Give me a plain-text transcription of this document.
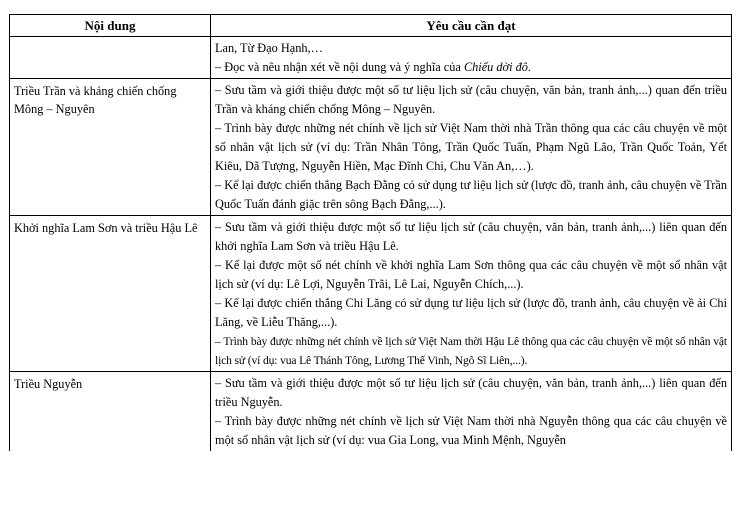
Nội dung	Yêu cầu cần đạt

	Lan, Từ Đạo Hạnh,…

– Đọc và nêu nhận xét về nội dung và ý nghĩa của Chiếu dời đô.

Triều Trần và kháng chiến chống Mông – Nguyên	– Sưu tầm và giới thiệu được một số tư liệu lịch sử (câu chuyện, văn bản, tranh ảnh,...) quan đến triều Trần và kháng chiến chống Mông – Nguyên.

– Trình bày được những nét chính về lịch sử Việt Nam thời nhà Trần thông qua các câu chuyện về một số nhân vật lịch sử (ví dụ: Trần Nhân Tông, Trần Quốc Tuấn, Phạm Ngũ Lão, Trần Quốc Toản, Yết Kiêu, Dã Tượng, Nguyễn Hiền, Mạc Đĩnh Chi, Chu Văn An,…).

– Kể lại được chiến thắng Bạch Đằng có sử dụng tư liệu lịch sử (lược đồ, tranh ảnh, câu chuyện về Trần Quốc Tuấn đánh giặc trên sông Bạch Đằng,...).

Khởi nghĩa Lam Sơn và triều Hậu Lê	– Sưu tầm và giới thiệu được một số tư liệu lịch sử (câu chuyện, văn bản, tranh ảnh,...) liên quan đến khởi nghĩa Lam Sơn và triều Hậu Lê.

– Kể lại được một số nét chính về khởi nghĩa Lam Sơn thông qua các câu chuyện về một số nhân vật lịch sử (ví dụ: Lê Lợi, Nguyễn Trãi, Lê Lai, Nguyễn Chích,...).

– Kể lại được chiến thắng Chi Lăng có sử dụng tư liệu lịch sử (lược đồ, tranh ảnh, câu chuyện về ải Chi Lăng, về Liễu Thăng,...).

– Trình bày được những nét chính về lịch sử Việt Nam thời Hậu Lê thông qua các câu chuyện về một số nhân vật lịch sử (ví dụ: vua Lê Thánh Tông, Lương Thế Vinh, Ngô Sĩ Liên,...).

Triều Nguyễn	– Sưu tầm và giới thiệu được một số tư liệu lịch sử (câu chuyện, văn bản, tranh ảnh,...) liên quan đến triều Nguyễn.

– Trình bày được những nét chính về lịch sử Việt Nam thời nhà Nguyễn thông qua các câu chuyện về một số nhân vật lịch sử (ví dụ: vua Gia Long, vua Minh Mệnh, Nguyễn
